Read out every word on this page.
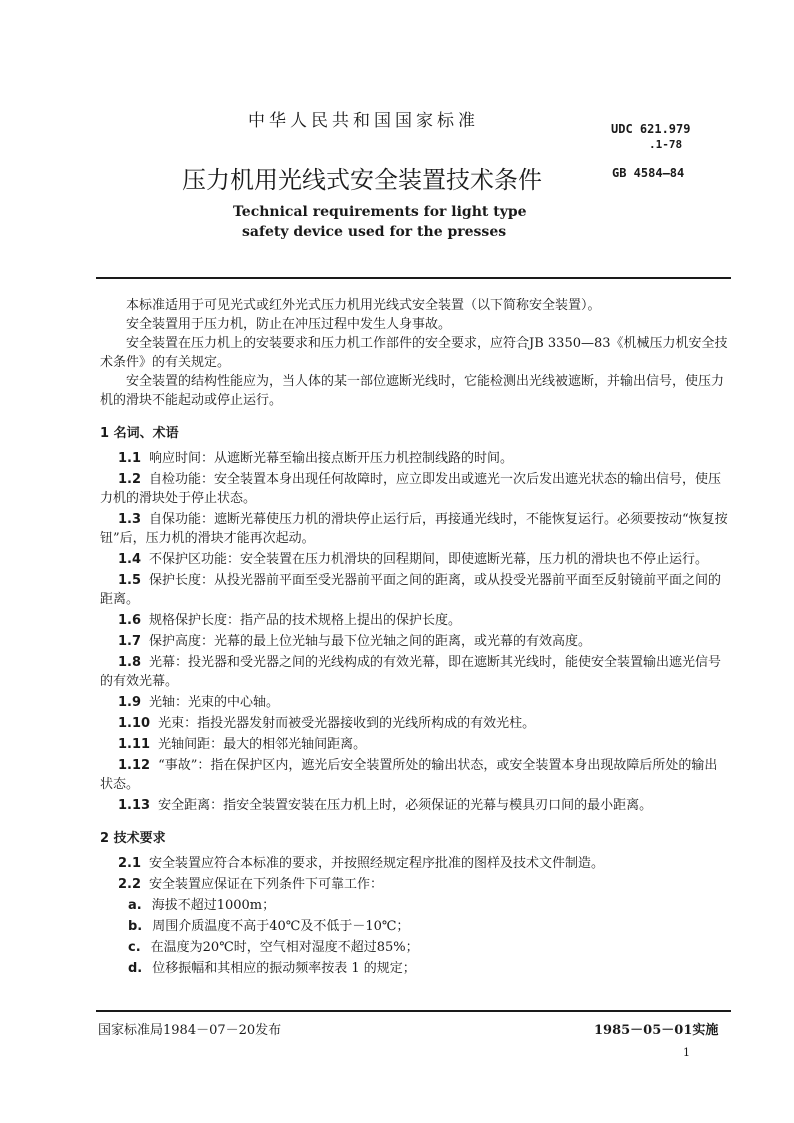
中华人民共和国国家标准	UDC 621.979
.1-78
压力机用光线式安全装置技术条件	GB 4584—84
Technical requirements for light type
safety device used for the presses

本标准适用于可见光式或红外光式压力机用光线式安全装置（以下简称安全装置）。

安全装置用于压力机，防止在冲压过程中发生人身事故。

安全装置在压力机上的安装要求和压力机工作部件的安全要求，应符合JB 3350—83《机械压力机安全技术条件》的有关规定。

安全装置的结构性能应为，当人体的某一部位遮断光线时，它能检测出光线被遮断，并输出信号，使压力机的滑块不能起动或停止运行。

1 名词、术语

1.1 响应时间：从遮断光幕至输出接点断开压力机控制线路的时间。

1.2 自检功能：安全装置本身出现任何故障时，应立即发出或遮光一次后发出遮光状态的输出信号，使压力机的滑块处于停止状态。

1.3 自保功能：遮断光幕使压力机的滑块停止运行后，再接通光线时，不能恢复运行。必须要按动“恢复按钮”后，压力机的滑块才能再次起动。

1.4 不保护区功能：安全装置在压力机滑块的回程期间，即使遮断光幕，压力机的滑块也不停止运行。

1.5 保护长度：从投光器前平面至受光器前平面之间的距离，或从投受光器前平面至反射镜前平面之间的距离。

1.6 规格保护长度：指产品的技术规格上提出的保护长度。

1.7 保护高度：光幕的最上位光轴与最下位光轴之间的距离，或光幕的有效高度。

1.8 光幕：投光器和受光器之间的光线构成的有效光幕，即在遮断其光线时，能使安全装置输出遮光信号的有效光幕。

1.9 光轴：光束的中心轴。

1.10 光束：指投光器发射而被受光器接收到的光线所构成的有效光柱。

1.11 光轴间距：最大的相邻光轴间距离。

1.12 “事故”：指在保护区内，遮光后安全装置所处的输出状态，或安全装置本身出现故障后所处的输出状态。

1.13 安全距离：指安全装置安装在压力机上时，必须保证的光幕与模具刃口间的最小距离。

2 技术要求

2.1 安全装置应符合本标准的要求，并按照经规定程序批准的图样及技术文件制造。

2.2 安全装置应保证在下列条件下可靠工作：

a. 海拔不超过1000m；

b. 周围介质温度不高于40℃及不低于－10℃；

c. 在温度为20℃时，空气相对湿度不超过85%；

d. 位移振幅和其相应的振动频率按表 1 的规定；

国家标准局1984－07－20发布	1985－05－01实施
1
